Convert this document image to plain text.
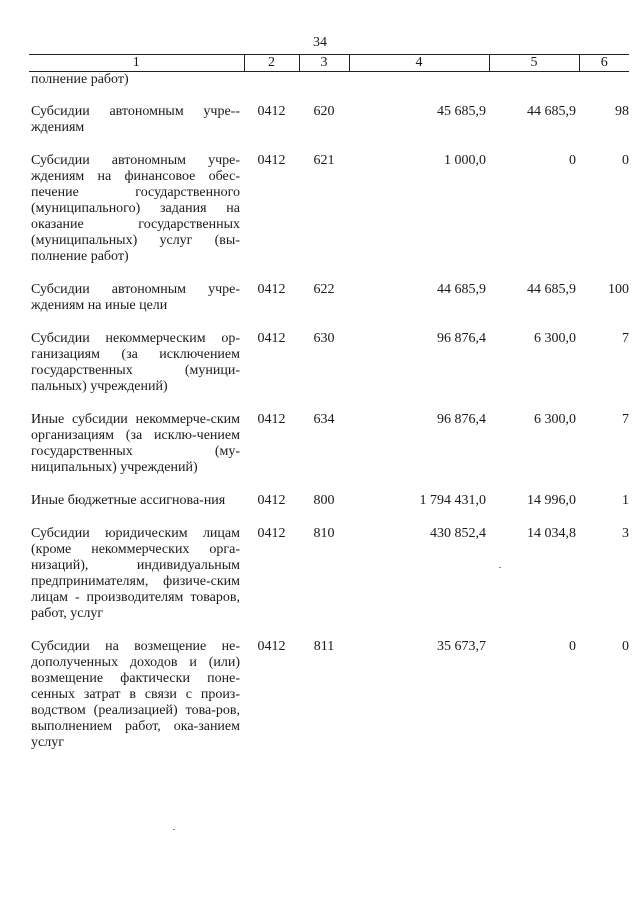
34
1	2	3	4	5	6
полнение работ)					
Субсидии автономным учре-ждениям	0412	620	45 685,9	44 685,9	98
Субсидии автономным учре-ждениям на финансовое обес-печение государственного (муниципального) задания на оказание государственных (муниципальных) услуг (вы-полнение работ)	0412	621	1 000,0	0	0
Субсидии автономным учре-ждениям на иные цели	0412	622	44 685,9	44 685,9	100
Субсидии некоммерческим ор-ганизациям (за исключением государственных (муници-пальных) учреждений)	0412	630	96 876,4	6 300,0	7
Иные субсидии некоммерче-ским организациям (за исклю-чением государственных (му-ниципальных) учреждений)	0412	634	96 876,4	6 300,0	7
Иные бюджетные ассигнова-ния	0412	800	1 794 431,0	14 996,0	1
Субсидии юридическим лицам (кроме некоммерческих орга-низаций), индивидуальным предпринимателям, физиче-ским лицам - производителям товаров, работ, услуг	0412	810	430 852,4	14 034,8	3
Субсидии на возмещение не-дополученных доходов и (или) возмещение фактически поне-сенных затрат в связи с произ-водством (реализацией) това-ров, выполнением работ, ока-занием услуг	0412	811	35 673,7	0	0
